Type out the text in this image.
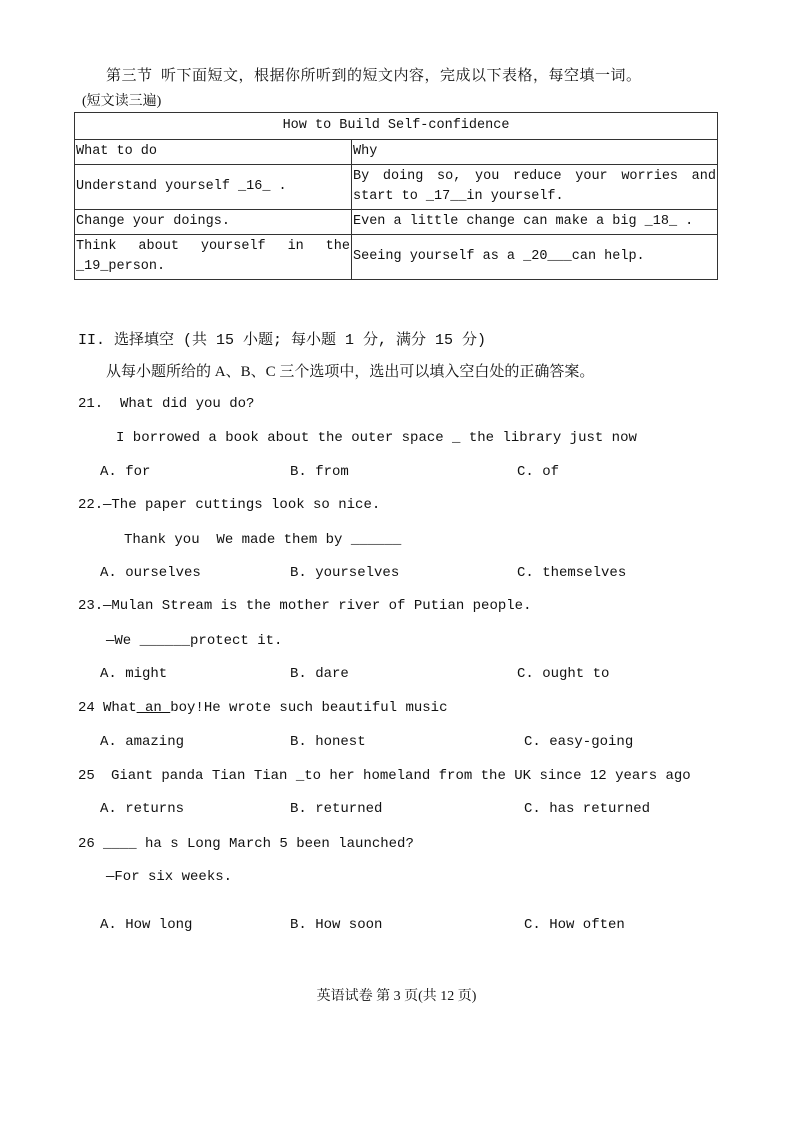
第三节  听下面短文，根据你所听到的短文内容，完成以下表格，每空填一词。
(短文读三遍)
How to Build Self-confidence	
What to do	Why
Understand yourself _16_ .	By doing so, you reduce your worries and start to _17__in yourself.
Change your doings.	Even a little change can make a big _18_ .
Think about yourself in the _19_person.	Seeing yourself as a _20___can help.
II. 选择填空 (共 15 小题; 每小题 1 分, 满分 15 分)
从每小题所给的 A、B、C 三个选项中，选出可以填入空白处的正确答案。
21. What did you do?
I borrowed a book about the outer space _ the library just now
A. for	B. from	C. of
22. —The paper cuttings look so nice.
Thank you  We made them by ______
A. ourselves	B. yourselves	C. themselves
23. —Mulan Stream is the mother river of Putian people.
—We ______protect it.
A. might	B. dare	C. ought to
24 What an boy!He wrote such beautiful music
A. amazing	B. honest	C. easy-going
25 Giant panda Tian Tian _to her homeland from the UK since 12 years ago
A. returns	B. returned	C. has returned
26 ____ ha s Long March 5 been launched?
—For six weeks.
A. How long	B. How soon	C. How often
英语试卷 第 3 页(共 12 页)
